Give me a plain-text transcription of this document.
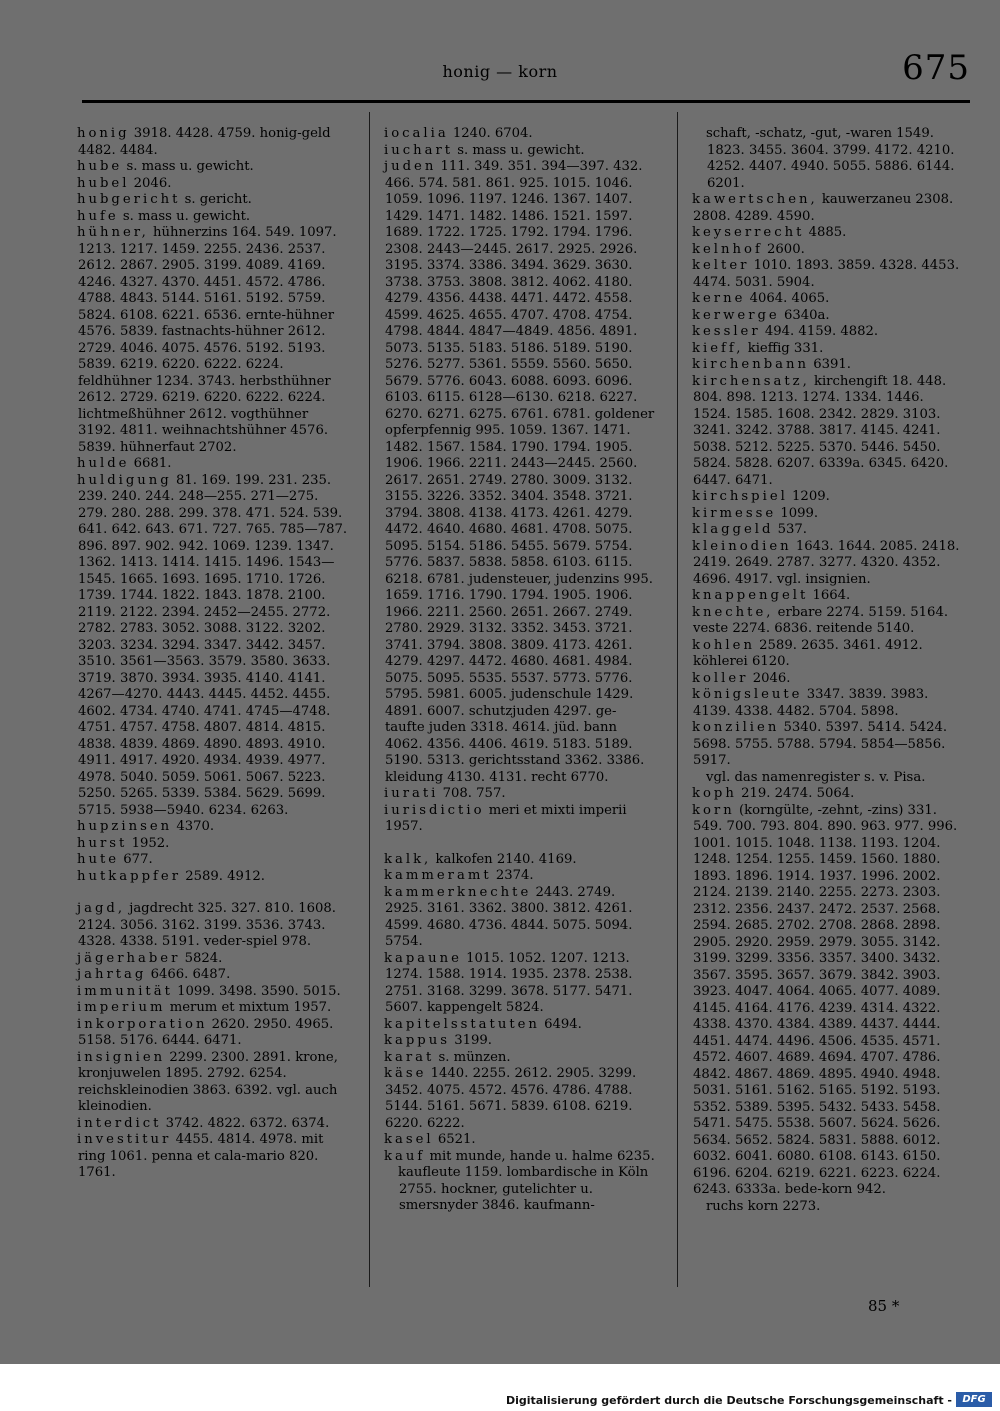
honig — korn	675
honig 3918. 4428. 4759. honig-geld 4482. 4484.
hube s. mass u. gewicht.
hubel 2046.
hubgericht s. gericht.
hufe s. mass u. gewicht.
hühner, hühnerzins 164. 549. 1097. 1213. 1217. 1459. 2255. 2436. 2537. 2612. 2867. 2905. 3199. 4089. 4169. 4246. 4327. 4370. 4451. 4572. 4786. 4788. 4843. 5144. 5161. 5192. 5759. 5824. 6108. 6221. 6536. ernte-hühner 4576. 5839. fastnachts-hühner 2612. 2729. 4046. 4075. 4576. 5192. 5193. 5839. 6219. 6220. 6222. 6224. feldhühner 1234. 3743. herbsthühner 2612. 2729. 6219. 6220. 6222. 6224. lichtmeßhühner 2612. vogthühner 3192. 4811. weihnachtshühner 4576. 5839. hühnerfaut 2702.
hulde 6681.
huldigung 81. 169. 199. 231. 235. 239. 240. 244. 248—255. 271—275. 279. 280. 288. 299. 378. 471. 524. 539. 641. 642. 643. 671. 727. 765. 785—787. 896. 897. 902. 942. 1069. 1239. 1347. 1362. 1413. 1414. 1415. 1496. 1543—1545. 1665. 1693. 1695. 1710. 1726. 1739. 1744. 1822. 1843. 1878. 2100. 2119. 2122. 2394. 2452—2455. 2772. 2782. 2783. 3052. 3088. 3122. 3202. 3203. 3234. 3294. 3347. 3442. 3457. 3510. 3561—3563. 3579. 3580. 3633. 3719. 3870. 3934. 3935. 4140. 4141. 4267—4270. 4443. 4445. 4452. 4455. 4602. 4734. 4740. 4741. 4745—4748. 4751. 4757. 4758. 4807. 4814. 4815. 4838. 4839. 4869. 4890. 4893. 4910. 4911. 4917. 4920. 4934. 4939. 4977. 4978. 5040. 5059. 5061. 5067. 5223. 5250. 5265. 5339. 5384. 5629. 5699. 5715. 5938—5940. 6234. 6263.
hupzinsen 4370.
hurst 1952.
hute 677.
hutkappfer 2589. 4912.
jagd, jagdrecht 325. 327. 810. 1608. 2124. 3056. 3162. 3199. 3536. 3743. 4328. 4338. 5191. veder-spiel 978.
jägerhaber 5824.
jahrtag 6466. 6487.
immunität 1099. 3498. 3590. 5015.
imperium merum et mixtum 1957.
inkorporation 2620. 2950. 4965. 5158. 5176. 6444. 6471.
insignien 2299. 2300. 2891. krone, kronjuwelen 1895. 2792. 6254. reichskleinodien 3863. 6392. vgl. auch kleinodien.
interdict 3742. 4822. 6372. 6374.
investitur 4455. 4814. 4978. mit ring 1061. penna et cala-mario 820. 1761.
iocalia 1240. 6704.
iuchart s. mass u. gewicht.
juden 111. 349. 351. 394—397. 432. 466. 574. 581. 861. 925. 1015. 1046. 1059. 1096. 1197. 1246. 1367. 1407. 1429. 1471. 1482. 1486. 1521. 1597. 1689. 1722. 1725. 1792. 1794. 1796. 2308. 2443—2445. 2617. 2925. 2926. 3195. 3374. 3386. 3494. 3629. 3630. 3738. 3753. 3808. 3812. 4062. 4180. 4279. 4356. 4438. 4471. 4472. 4558. 4599. 4625. 4655. 4707. 4708. 4754. 4798. 4844. 4847—4849. 4856. 4891. 5073. 5135. 5183. 5186. 5189. 5190. 5276. 5277. 5361. 5559. 5560. 5650. 5679. 5776. 6043. 6088. 6093. 6096. 6103. 6115. 6128—6130. 6218. 6227. 6270. 6271. 6275. 6761. 6781. goldener opferpfennig 995. 1059. 1367. 1471. 1482. 1567. 1584. 1790. 1794. 1905. 1906. 1966. 2211. 2443—2445. 2560. 2617. 2651. 2749. 2780. 3009. 3132. 3155. 3226. 3352. 3404. 3548. 3721. 3794. 3808. 4138. 4173. 4261. 4279. 4472. 4640. 4680. 4681. 4708. 5075. 5095. 5154. 5186. 5455. 5679. 5754. 5776. 5837. 5838. 5858. 6103. 6115. 6218. 6781. judensteuer, judenzins 995. 1659. 1716. 1790. 1794. 1905. 1906. 1966. 2211. 2560. 2651. 2667. 2749. 2780. 2929. 3132. 3352. 3453. 3721. 3741. 3794. 3808. 3809. 4173. 4261. 4279. 4297. 4472. 4680. 4681. 4984. 5075. 5095. 5535. 5537. 5773. 5776. 5795. 5981. 6005. judenschule 1429. 4891. 6007. schutzjuden 4297. ge-taufte juden 3318. 4614. jüd. bann 4062. 4356. 4406. 4619. 5183. 5189. 5190. 5313. gerichtsstand 3362. 3386. kleidung 4130. 4131. recht 6770.
iurati 708. 757.
iurisdictio meri et mixti imperii 1957.
kalk, kalkofen 2140. 4169.
kammeramt 2374.
kammerknechte 2443. 2749. 2925. 3161. 3362. 3800. 3812. 4261. 4599. 4680. 4736. 4844. 5075. 5094. 5754.
kapaune 1015. 1052. 1207. 1213. 1274. 1588. 1914. 1935. 2378. 2538. 2751. 3168. 3299. 3678. 5177. 5471. 5607. kappengelt 5824.
kapitelsstatuten 6494.
kappus 3199.
karat s. münzen.
käse 1440. 2255. 2612. 2905. 3299. 3452. 4075. 4572. 4576. 4786. 4788. 5144. 5161. 5671. 5839. 6108. 6219. 6220. 6222.
kasel 6521.
kauf mit munde, hande u. halme 6235.
kaufleute 1159. lombardische in Köln 2755. hockner, gutelichter u. smersnyder 3846. kaufmann-
schaft, -schatz, -gut, -waren 1549. 1823. 3455. 3604. 3799. 4172. 4210. 4252. 4407. 4940. 5055. 5886. 6144. 6201.
kawertschen, kauwerzaneu 2308. 2808. 4289. 4590.
keyserrecht 4885.
kelnhof 2600.
kelter 1010. 1893. 3859. 4328. 4453. 4474. 5031. 5904.
kerne 4064. 4065.
kerwerge 6340a.
kessler 494. 4159. 4882.
kieff, kieffig 331.
kirchenbann 6391.
kirchensatz, kirchengift 18. 448. 804. 898. 1213. 1274. 1334. 1446. 1524. 1585. 1608. 2342. 2829. 3103. 3241. 3242. 3788. 3817. 4145. 4241. 5038. 5212. 5225. 5370. 5446. 5450. 5824. 5828. 6207. 6339a. 6345. 6420. 6447. 6471.
kirchspiel 1209.
kirmesse 1099.
klaggeld 537.
kleinodien 1643. 1644. 2085. 2418. 2419. 2649. 2787. 3277. 4320. 4352. 4696. 4917. vgl. insignien.
knappengelt 1664.
knechte, erbare 2274. 5159. 5164. veste 2274. 6836. reitende 5140.
kohlen 2589. 2635. 3461. 4912. köhlerei 6120.
koller 2046.
königsleute 3347. 3839. 3983. 4139. 4338. 4482. 5704. 5898.
konzilien 5340. 5397. 5414. 5424. 5698. 5755. 5788. 5794. 5854—5856. 5917.
vgl. das namenregister s. v. Pisa.
koph 219. 2474. 5064.
korn (korngülte, -zehnt, -zins) 331. 549. 700. 793. 804. 890. 963. 977. 996. 1001. 1015. 1048. 1138. 1193. 1204. 1248. 1254. 1255. 1459. 1560. 1880. 1893. 1896. 1914. 1937. 1996. 2002. 2124. 2139. 2140. 2255. 2273. 2303. 2312. 2356. 2437. 2472. 2537. 2568. 2594. 2685. 2702. 2708. 2868. 2898. 2905. 2920. 2959. 2979. 3055. 3142. 3199. 3299. 3356. 3357. 3400. 3432. 3567. 3595. 3657. 3679. 3842. 3903. 3923. 4047. 4064. 4065. 4077. 4089. 4145. 4164. 4176. 4239. 4314. 4322. 4338. 4370. 4384. 4389. 4437. 4444. 4451. 4474. 4496. 4506. 4535. 4571. 4572. 4607. 4689. 4694. 4707. 4786. 4842. 4867. 4869. 4895. 4940. 4948. 5031. 5161. 5162. 5165. 5192. 5193. 5352. 5389. 5395. 5432. 5433. 5458. 5471. 5475. 5538. 5607. 5624. 5626. 5634. 5652. 5824. 5831. 5888. 6012. 6032. 6041. 6080. 6108. 6143. 6150. 6196. 6204. 6219. 6221. 6223. 6224. 6243. 6333a. bede-korn 942.
ruchs korn 2273.
85 *
Digitalisierung gefördert durch die Deutsche Forschungsgemeinschaft -	DFG
